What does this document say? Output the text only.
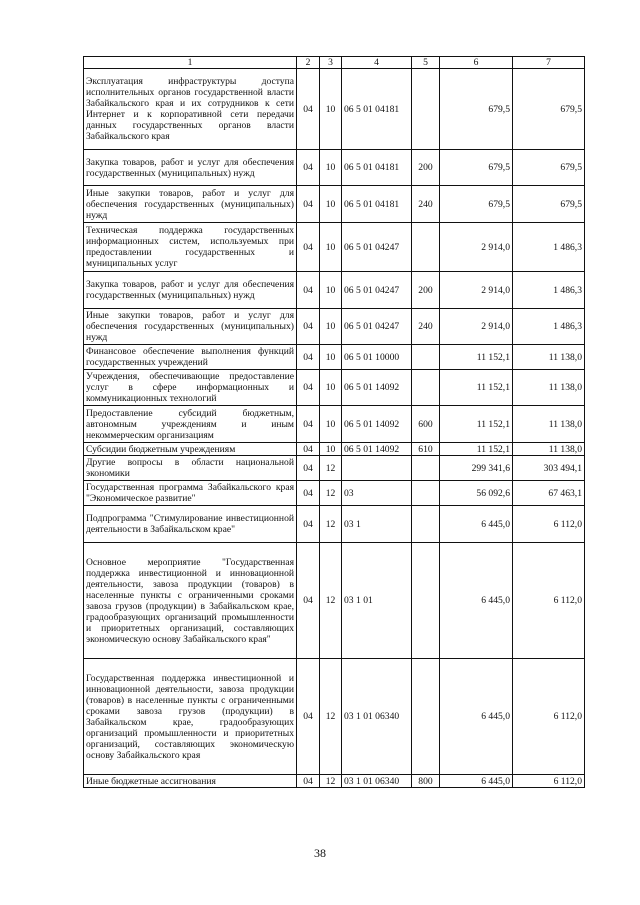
1	2	3	4	5	6	7
Эксплуатация инфраструктуры доступа исполнительных органов государственной власти Забайкальского края и их сотрудников к сети Интернет и к корпоративной сети передачи данных государственных органов власти Забайкальского края	04	10	06 5 01 04181		679,5	679,5
Закупка товаров, работ и услуг для обеспечения государственных (муниципальных) нужд	04	10	06 5 01 04181	200	679,5	679,5
Иные закупки товаров, работ и услуг для обеспечения государственных (муниципальных) нужд	04	10	06 5 01 04181	240	679,5	679,5
Техническая поддержка государственных информационных систем, используемых при предоставлении государственных и муниципальных услуг	04	10	06 5 01 04247		2 914,0	1 486,3
Закупка товаров, работ и услуг для обеспечения государственных (муниципальных) нужд	04	10	06 5 01 04247	200	2 914,0	1 486,3
Иные закупки товаров, работ и услуг для обеспечения государственных (муниципальных) нужд	04	10	06 5 01 04247	240	2 914,0	1 486,3
Финансовое обеспечение выполнения функций государственных учреждений	04	10	06 5 01 10000		11 152,1	11 138,0
Учреждения, обеспечивающие предоставление услуг в сфере информационных и коммуникационных технологий	04	10	06 5 01 14092		11 152,1	11 138,0
Предоставление субсидий бюджетным, автономным учреждениям и иным некоммерческим организациям	04	10	06 5 01 14092	600	11 152,1	11 138,0
Субсидии бюджетным учреждениям	04	10	06 5 01 14092	610	11 152,1	11 138,0
Другие вопросы в области национальной экономики	04	12			299 341,6	303 494,1
Государственная программа Забайкальского края "Экономическое развитие"	04	12	03		56 092,6	67 463,1
Подпрограмма "Стимулирование инвестиционной деятельности в Забайкальском крае"	04	12	03 1		6 445,0	6 112,0
Основное мероприятие "Государственная поддержка инвестиционной и инновационной деятельности, завоза продукции (товаров) в населенные пункты с ограниченными сроками завоза грузов (продукции) в Забайкальском крае, градообразующих организаций промышленности и приоритетных организаций, составляющих экономическую основу Забайкальского края"	04	12	03 1 01		6 445,0	6 112,0
Государственная поддержка инвестиционной и инновационной деятельности, завоза продукции (товаров) в населенные пункты с ограниченными сроками завоза грузов (продукции) в Забайкальском крае, градообразующих организаций промышленности и приоритетных организаций, составляющих экономическую основу Забайкальского края	04	12	03 1 01 06340		6 445,0	6 112,0
Иные бюджетные ассигнования	04	12	03 1 01 06340	800	6 445,0	6 112,0
38
